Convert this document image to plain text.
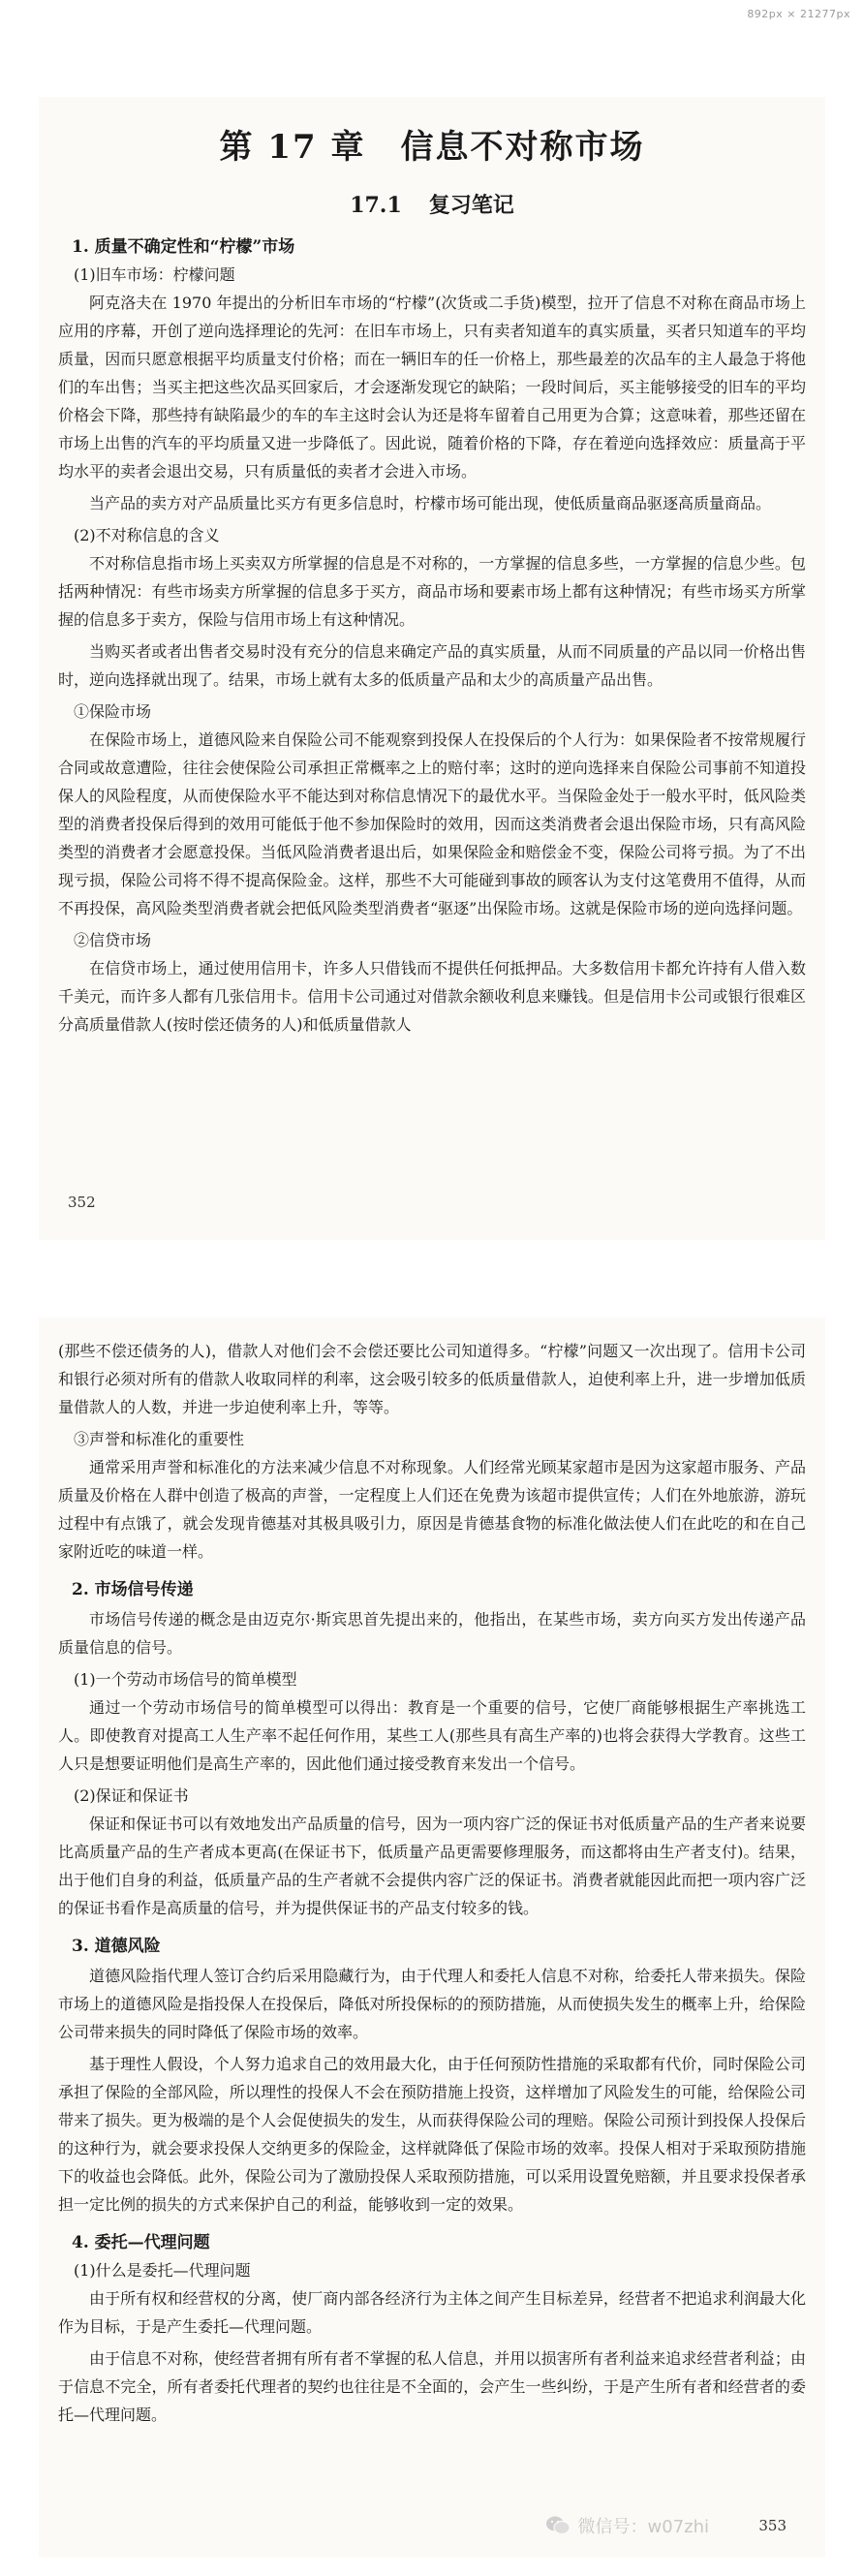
892px × 21277px
第 17 章 信息不对称市场
17.1 复习笔记
1. 质量不确定性和“柠檬”市场
(1)旧车市场：柠檬问题

阿克洛夫在 1970 年提出的分析旧车市场的“柠檬”(次货或二手货)模型，拉开了信息不对称在商品市场上应用的序幕，开创了逆向选择理论的先河：在旧车市场上，只有卖者知道车的真实质量，买者只知道车的平均质量，因而只愿意根据平均质量支付价格；而在一辆旧车的任一价格上，那些最差的次品车的主人最急于将他们的车出售；当买主把这些次品买回家后，才会逐渐发现它的缺陷；一段时间后，买主能够接受的旧车的平均价格会下降，那些持有缺陷最少的车的车主这时会认为还是将车留着自己用更为合算；这意味着，那些还留在市场上出售的汽车的平均质量又进一步降低了。因此说，随着价格的下降，存在着逆向选择效应：质量高于平均水平的卖者会退出交易，只有质量低的卖者才会进入市场。

当产品的卖方对产品质量比买方有更多信息时，柠檬市场可能出现，使低质量商品驱逐高质量商品。

(2)不对称信息的含义

不对称信息指市场上买卖双方所掌握的信息是不对称的，一方掌握的信息多些，一方掌握的信息少些。包括两种情况：有些市场卖方所掌握的信息多于买方，商品市场和要素市场上都有这种情况；有些市场买方所掌握的信息多于卖方，保险与信用市场上有这种情况。

当购买者或者出售者交易时没有充分的信息来确定产品的真实质量，从而不同质量的产品以同一价格出售时，逆向选择就出现了。结果，市场上就有太多的低质量产品和太少的高质量产品出售。

①保险市场

在保险市场上，道德风险来自保险公司不能观察到投保人在投保后的个人行为：如果保险者不按常规履行合同或故意遭险，往往会使保险公司承担正常概率之上的赔付率；这时的逆向选择来自保险公司事前不知道投保人的风险程度，从而使保险水平不能达到对称信息情况下的最优水平。当保险金处于一般水平时，低风险类型的消费者投保后得到的效用可能低于他不参加保险时的效用，因而这类消费者会退出保险市场，只有高风险类型的消费者才会愿意投保。当低风险消费者退出后，如果保险金和赔偿金不变，保险公司将亏损。为了不出现亏损，保险公司将不得不提高保险金。这样，那些不大可能碰到事故的顾客认为支付这笔费用不值得，从而不再投保，高风险类型消费者就会把低风险类型消费者“驱逐”出保险市场。这就是保险市场的逆向选择问题。

②信贷市场

在信贷市场上，通过使用信用卡，许多人只借钱而不提供任何抵押品。大多数信用卡都允许持有人借入数千美元，而许多人都有几张信用卡。信用卡公司通过对借款余额收利息来赚钱。但是信用卡公司或银行很难区分高质量借款人(按时偿还债务的人)和低质量借款人

352

(那些不偿还债务的人)，借款人对他们会不会偿还要比公司知道得多。“柠檬”问题又一次出现了。信用卡公司和银行必须对所有的借款人收取同样的利率，这会吸引较多的低质量借款人，迫使利率上升，进一步增加低质量借款人的人数，并进一步迫使利率上升，等等。

③声誉和标准化的重要性

通常采用声誉和标准化的方法来减少信息不对称现象。人们经常光顾某家超市是因为这家超市服务、产品质量及价格在人群中创造了极高的声誉，一定程度上人们还在免费为该超市提供宣传；人们在外地旅游，游玩过程中有点饿了，就会发现肯德基对其极具吸引力，原因是肯德基食物的标准化做法使人们在此吃的和在自己家附近吃的味道一样。

2. 市场信号传递

市场信号传递的概念是由迈克尔·斯宾思首先提出来的，他指出，在某些市场，卖方向买方发出传递产品质量信息的信号。

(1)一个劳动市场信号的简单模型

通过一个劳动市场信号的简单模型可以得出：教育是一个重要的信号，它使厂商能够根据生产率挑选工人。即使教育对提高工人生产率不起任何作用，某些工人(那些具有高生产率的)也将会获得大学教育。这些工人只是想要证明他们是高生产率的，因此他们通过接受教育来发出一个信号。

(2)保证和保证书

保证和保证书可以有效地发出产品质量的信号，因为一项内容广泛的保证书对低质量产品的生产者来说要比高质量产品的生产者成本更高(在保证书下，低质量产品更需要修理服务，而这都将由生产者支付)。结果，出于他们自身的利益，低质量产品的生产者就不会提供内容广泛的保证书。消费者就能因此而把一项内容广泛的保证书看作是高质量的信号，并为提供保证书的产品支付较多的钱。

3. 道德风险

道德风险指代理人签订合约后采用隐藏行为，由于代理人和委托人信息不对称，给委托人带来损失。保险市场上的道德风险是指投保人在投保后，降低对所投保标的的预防措施，从而使损失发生的概率上升，给保险公司带来损失的同时降低了保险市场的效率。

基于理性人假设，个人努力追求自己的效用最大化，由于任何预防性措施的采取都有代价，同时保险公司承担了保险的全部风险，所以理性的投保人不会在预防措施上投资，这样增加了风险发生的可能，给保险公司带来了损失。更为极端的是个人会促使损失的发生，从而获得保险公司的理赔。保险公司预计到投保人投保后的这种行为，就会要求投保人交纳更多的保险金，这样就降低了保险市场的效率。投保人相对于采取预防措施下的收益也会降低。此外，保险公司为了激励投保人采取预防措施，可以采用设置免赔额，并且要求投保者承担一定比例的损失的方式来保护自己的利益，能够收到一定的效果。

4. 委托—代理问题
(1)什么是委托—代理问题

由于所有权和经营权的分离，使厂商内部各经济行为主体之间产生目标差异，经营者不把追求利润最大化作为目标，于是产生委托—代理问题。

由于信息不对称，使经营者拥有所有者不掌握的私人信息，并用以损害所有者利益来追求经营者利益；由于信息不完全，所有者委托代理者的契约也往往是不全面的，会产生一些纠纷，于是产生所有者和经营者的委托—代理问题。

微信号：w07zhi	353
